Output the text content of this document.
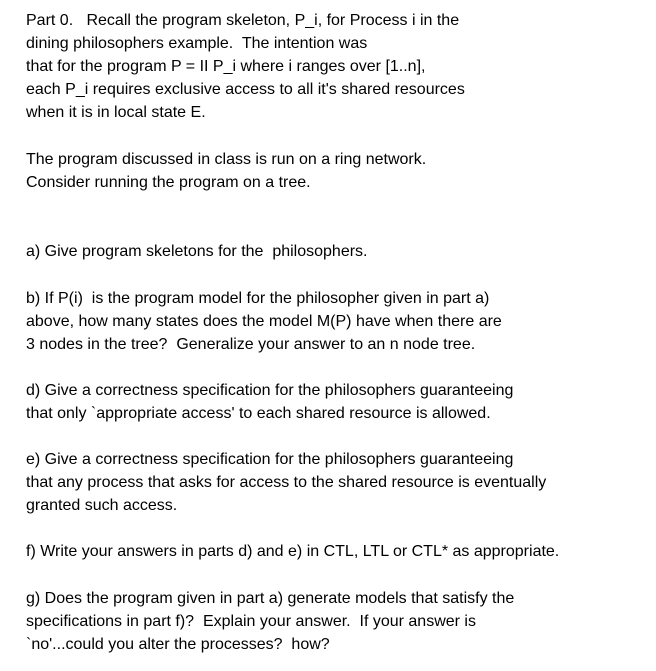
Part 0.   Recall the program skeleton, P_i, for Process i in the
dining philosophers example.  The intention was
that for the program P = II P_i where i ranges over [1..n],
each P_i requires exclusive access to all it's shared resources
when it is in local state E.
The program discussed in class is run on a ring network.
Consider running the program on a tree.
a) Give program skeletons for the  philosophers.
b) If P(i)  is the program model for the philosopher given in part a)
above, how many states does the model M(P) have when there are
3 nodes in the tree?  Generalize your answer to an n node tree.
d) Give a correctness specification for the philosophers guaranteeing
that only `appropriate access' to each shared resource is allowed.
e) Give a correctness specification for the philosophers guaranteeing
that any process that asks for access to the shared resource is eventually
granted such access.
f) Write your answers in parts d) and e) in CTL, LTL or CTL* as appropriate.
g) Does the program given in part a) generate models that satisfy the
specifications in part f)?  Explain your answer.  If your answer is
`no'...could you alter the processes?  how?
